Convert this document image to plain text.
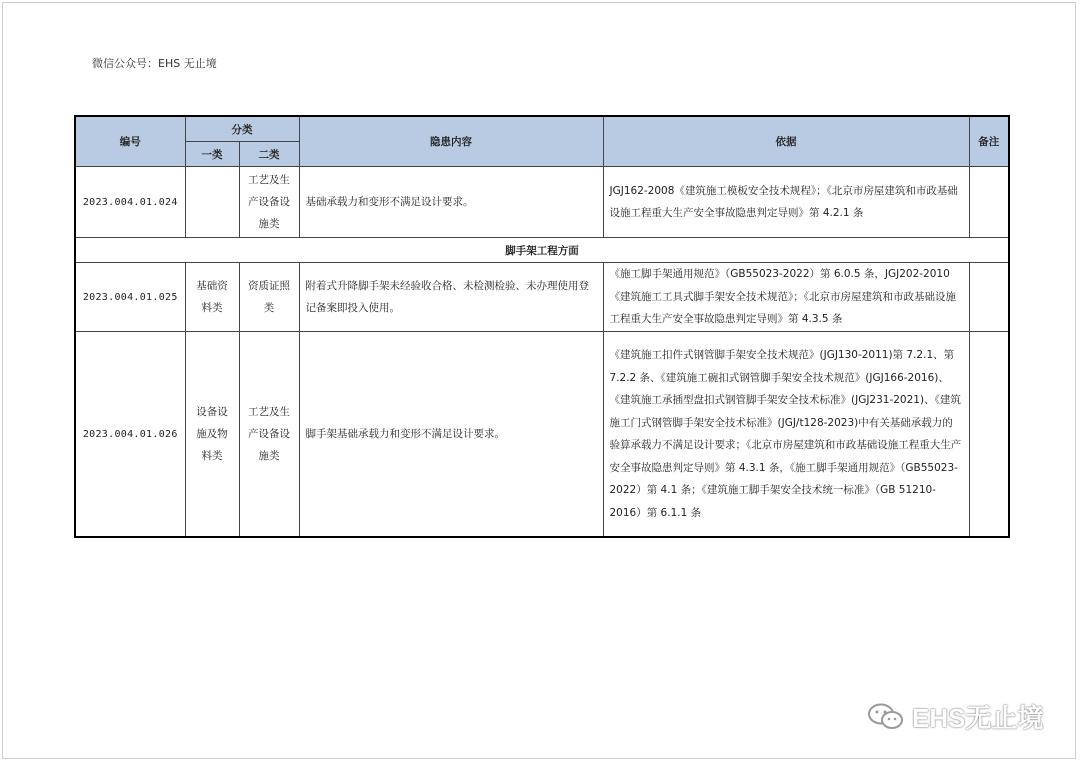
微信公众号：EHS 无止境
编号	分类		隐患内容	依据	备注
	一类	二类			
2023.004.01.024		工艺及生产设备设施类	基础承载力和变形不满足设计要求。	JGJ162-2008《建筑施工模板安全技术规程》；《北京市房屋建筑和市政基础设施工程重大生产安全事故隐患判定导则》第 4.2.1 条	
脚手架工程方面					
2023.004.01.025	基础资料类	资质证照类	附着式升降脚手架未经验收合格、未检测检验、未办理使用登记备案即投入使用。	《施工脚手架通用规范》（GB55023-2022）第 6.0.5 条，JGJ202-2010《建筑施工工具式脚手架安全技术规范》；《北京市房屋建筑和市政基础设施工程重大生产安全事故隐患判定导则》第 4.3.5 条	
2023.004.01.026	设备设施及物料类	工艺及生产设备设施类	脚手架基础承载力和变形不满足设计要求。	《建筑施工扣件式钢管脚手架安全技术规范》(JGJ130-2011)第 7.2.1、第 7.2.2 条、《建筑施工碗扣式钢管脚手架安全技术规范》(JGJ166-2016)、《建筑施工承插型盘扣式钢管脚手架安全技术标准》(JGJ231-2021)、《建筑施工门式钢管脚手架安全技术标准》(JGJ/t128-2023)中有关基础承载力的验算承载力不满足设计要求；《北京市房屋建筑和市政基础设施工程重大生产安全事故隐患判定导则》第 4.3.1 条，《施工脚手架通用规范》（GB55023-2022）第 4.1 条；《建筑施工脚手架安全技术统一标准》（GB 51210-2016）第 6.1.1 条	
EHS无止境
